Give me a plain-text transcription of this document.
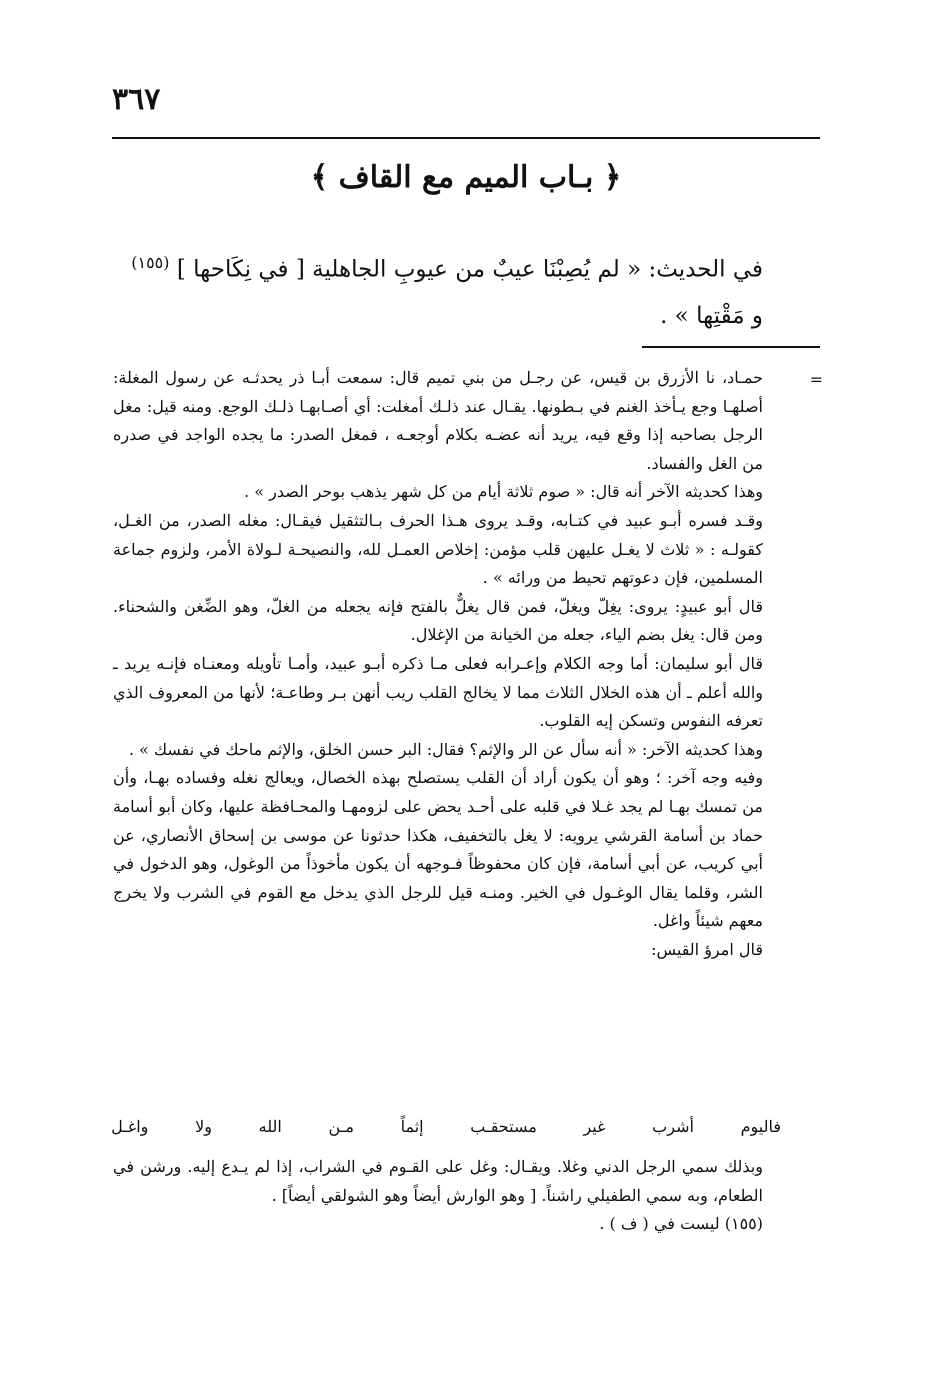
٣٦٧
﴿ بـاب الميم مع القاف ﴾
في الحديث: « لم يُصِبْنَا عيبٌ من عيوبِ الجاهلية [ في نِكَاحها ] $^{(١٥٥)}$
و مَقْتِها » .
=

حمـاد، نا الأزرق بن قيس، عن رجـل من بني تميم قال: سمعت أبـا ذر يحدثـه عن رسول المغلة: أصلهـا وجع يـأخذ الغنم في بـطونها. يقـال عند ذلـك أمغلت: أي أصـابهـا ذلـك الوجع. ومنه قيل: مغل الرجل بصاحبه إذا وقع فيه، يريد أنه عضـه بكلام أوجعـه ، فمغل الصدر: ما يجده الواجد في صدره من الغل والفساد.

وهذا كحديثه الآخر أنه قال: « صوم ثلاثة أيام من كل شهر يذهب بوحر الصدر » .

وقـد فسره أبـو عبيد في كتـابه، وقـد يروى هـذا الحرف بـالتثقيل فيقـال: مغله الصدر، من الغـل، كقولـه : « ثلاث لا يغـل عليهن قلب مؤمن: إخلاص العمـل لله، والنصيحـة لـولاة الأمر، ولزوم جماعة المسلمين، فإن دعوتهم تحيط من ورائه » .

قال أبو عبيدٍ: يروى: يغِلّ ويغلّ، فمن قال يغلٌّ بالفتح فإنه يجعله من الغلّ، وهو الضِّغن والشحناء. ومن قال: يغل بضم الياء، جعله من الخيانة من الإغلال.

قال أبو سليمان: أما وجه الكلام وإعـرابه فعلى مـا ذكره أبـو عبيد، وأمـا تأويله ومعنـاه فإنـه يريد ـ والله أعلم ـ أن هذه الخلال الثلاث مما لا يخالج القلب ريب أنهن بـر وطاعـة؛ لأنها من المعروف الذي تعرفه النفوس وتسكن إيه القلوب.

وهذا كحديثه الآخر: « أنه سأل عن الر والإثم؟ فقال: البر حسن الخلق، والإثم ماحك في نفسك » .

وفيه وجه آخر: ؛ وهو أن يكون أراد أن القلب يستصلح بهذه الخصال، ويعالج نغله وفساده بهـا، وأن من تمسك بهـا لم يجد غـلا في قلبه على أحـد يحض على لزومهـا والمحـافظة عليها، وكان أبو أسامة حماد بن أسامة القرشي يرويه: لا يغل بالتخفيف، هكذا حدثونا عن موسى بن إسحاق الأنصاري، عن أبي كريب، عن أبي أسامة، فإن كان محفوظاً فـوجهه أن يكون مأخوذاً من الوغول، وهو الدخول في الشر، وقلما يقال الوغـول في الخير. ومنـه قيل للرجل الذي يدخل مع القوم في الشرب ولا يخرج معهم شيئاً واغل.

قال امرؤ القيس:

فاليوم
أشرب
غير
مستحقـب
إثماً
مـن
الله
ولا
واغـل

وبذلك سمي الرجل الدني وغلا. ويقـال: وغل على القـوم في الشراب، إذا لم يـدع إليه. ورشن في الطعام، وبه سمي الطفيلي راشناً. [ وهو الوارش أيضاً وهو الشولقي أيضاً] .

(١٥٥) ليست في ( ف ) .
